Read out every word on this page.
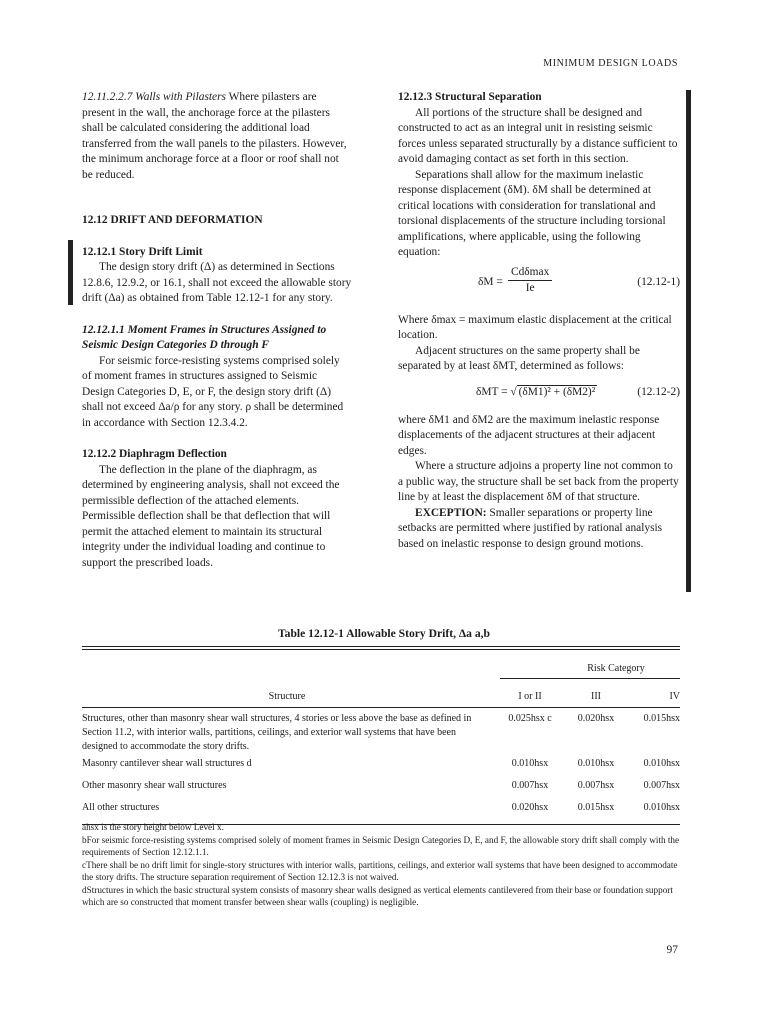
MINIMUM DESIGN LOADS

12.11.2.2.7 Walls with Pilasters Where pilasters are present in the wall, the anchorage force at the pilasters shall be calculated considering the additional load transferred from the wall panels to the pilasters. However, the minimum anchorage force at a floor or roof shall not be reduced.

12.12 DRIFT AND DEFORMATION

12.12.1 Story Drift Limit

The design story drift (Δ) as determined in Sections 12.8.6, 12.9.2, or 16.1, shall not exceed the allowable story drift (Δa) as obtained from Table 12.12-1 for any story.

12.12.1.1 Moment Frames in Structures Assigned to Seismic Design Categories D through F

For seismic force-resisting systems comprised solely of moment frames in structures assigned to Seismic Design Categories D, E, or F, the design story drift (Δ) shall not exceed Δa/ρ for any story. ρ shall be determined in accordance with Section 12.3.4.2.

12.12.2 Diaphragm Deflection

The deflection in the plane of the diaphragm, as determined by engineering analysis, shall not exceed the permissible deflection of the attached elements. Permissible deflection shall be that deflection that will permit the attached element to maintain its structural integrity under the individual loading and continue to support the prescribed loads.

12.12.3 Structural Separation

All portions of the structure shall be designed and constructed to act as an integral unit in resisting seismic forces unless separated structurally by a distance sufficient to avoid damaging contact as set forth in this section.

Separations shall allow for the maximum inelastic response displacement (δM). δM shall be determined at critical locations with consideration for translational and torsional displacements of the structure including torsional amplifications, where applicable, using the following equation:

δM =
Cdδmax
Ie
(12.12-1)

Where δmax = maximum elastic displacement at the critical location.

Adjacent structures on the same property shall be separated by at least δMT, determined as follows:

δMT = √ (δM1)² + (δM2)²	(12.12-2)

where δM1 and δM2 are the maximum inelastic response displacements of the adjacent structures at their adjacent edges.

Where a structure adjoins a property line not common to a public way, the structure shall be set back from the property line by at least the displacement δM of that structure.

EXCEPTION: Smaller separations or property line setbacks are permitted where justified by rational analysis based on inelastic response to design ground motions.

Table 12.12-1 Allowable Story Drift, Δa a,b
Risk Category
Structure	I or II	III	IV
Structures, other than masonry shear wall structures, 4 stories or less above the base as defined in Section 11.2, with interior walls, partitions, ceilings, and exterior wall systems that have been designed to accommodate the story drifts.
0.025hsx c	0.020hsx	0.015hsx
Masonry cantilever shear wall structures d	0.010hsx	0.010hsx	0.010hsx
Other masonry shear wall structures	0.007hsx	0.007hsx	0.007hsx
All other structures	0.020hsx	0.015hsx	0.010hsx

ahsx is the story height below Level x.

bFor seismic force-resisting systems comprised solely of moment frames in Seismic Design Categories D, E, and F, the allowable story drift shall comply with the requirements of Section 12.12.1.1.

cThere shall be no drift limit for single-story structures with interior walls, partitions, ceilings, and exterior wall systems that have been designed to accommodate the story drifts. The structure separation requirement of Section 12.12.3 is not waived.

dStructures in which the basic structural system consists of masonry shear walls designed as vertical elements cantilevered from their base or foundation support which are so constructed that moment transfer between shear walls (coupling) is negligible.

97
